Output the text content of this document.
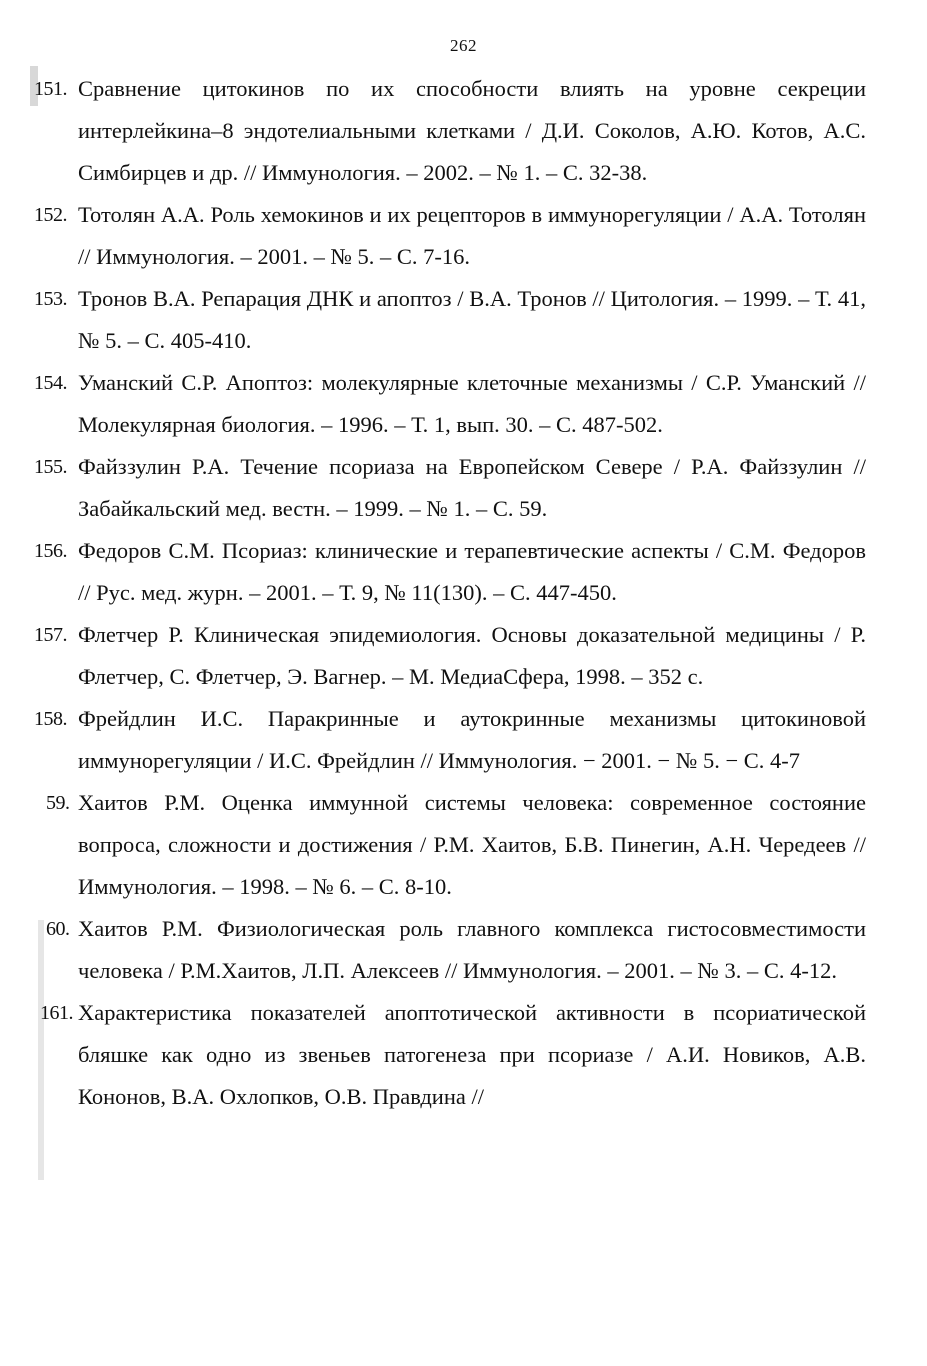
262
151. Сравнение цитокинов по их способности влиять на уровне секреции интерлейкина–8 эндотелиальными клетками / Д.И. Соколов, А.Ю. Котов, А.С. Симбирцев и др. // Иммунология. – 2002. – № 1. – С. 32-38.
152. Тотолян А.А. Роль хемокинов и их рецепторов в иммунорегуляции / А.А. Тотолян // Иммунология. – 2001. – № 5. – С. 7-16.
153. Тронов В.А. Репарация ДНК и апоптоз / В.А. Тронов // Цитология. – 1999. – Т. 41, № 5. – С. 405-410.
154. Уманский С.Р. Апоптоз: молекулярные клеточные механизмы / С.Р. Уманский // Молекулярная биология. – 1996. – Т. 1, вып. 30. – С. 487-502.
155. Файззулин Р.А. Течение псориаза на Европейском Севере / Р.А. Файззулин // Забайкальский мед. вестн. – 1999. – № 1. – С. 59.
156. Федоров С.М. Псориаз: клинические и терапевтические аспекты / С.М. Федоров // Рус. мед. журн. – 2001. – Т. 9, № 11(130). – С. 447-450.
157. Флетчер Р. Клиническая эпидемиология. Основы доказательной медицины / Р. Флетчер, С. Флетчер, Э. Вагнер. – М. МедиаСфера, 1998. – 352 с.
158. Фрейдлин И.С. Паракринные и аутокринные механизмы цитокиновой иммунорегуляции / И.С. Фрейдлин // Иммунология. − 2001. − № 5. − С. 4-7
59. Хаитов Р.М. Оценка иммунной системы человека: современное состояние вопроса, сложности и достижения / Р.М. Хаитов, Б.В. Пинегин, А.Н. Чередеев // Иммунология. – 1998. – № 6. – С. 8-10.
60. Хаитов Р.М. Физиологическая роль главного комплекса гистосовместимости человека / Р.М.Хаитов, Л.П. Алексеев // Иммунология. – 2001. – № 3. – С. 4-12.
161. Характеристика показателей апоптотической активности в псориатической бляшке как одно из звеньев патогенеза при псориазе / А.И. Новиков, А.В. Кононов, В.А. Охлопков, О.В. Правдина //
